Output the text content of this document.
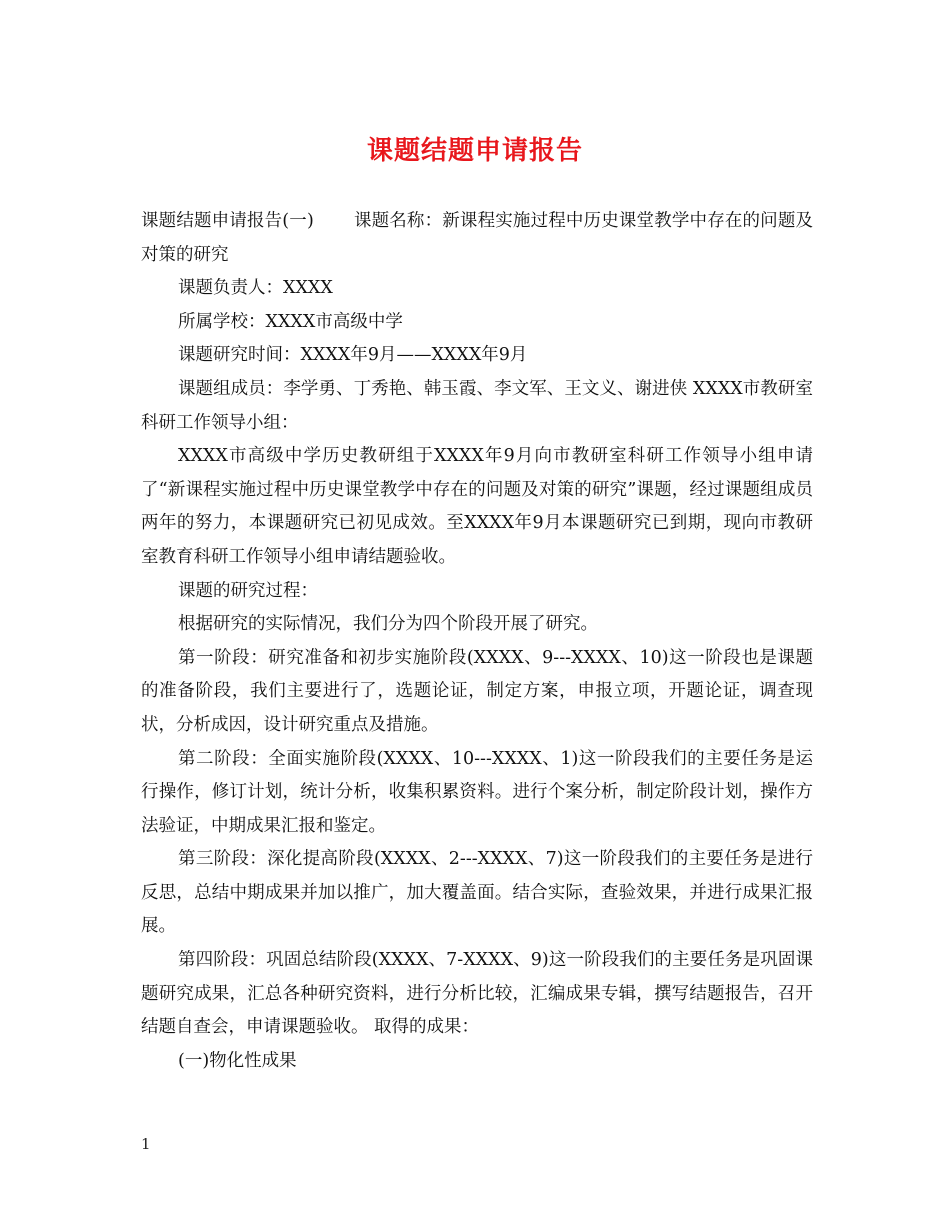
课题结题申请报告

课题结题申请报告(一) 课题名称：新课程实施过程中历史课堂教学中存在的问题及对策的研究

课题负责人：XXXX

所属学校：XXXX市高级中学

课题研究时间：XXXX年9月——XXXX年9月

课题组成员：李学勇、丁秀艳、韩玉霞、李文军、王文义、谢进侠 XXXX市教研室科研工作领导小组：

XXXX市高级中学历史教研组于XXXX年9月向市教研室科研工作领导小组申请了“新课程实施过程中历史课堂教学中存在的问题及对策的研究”课题，经过课题组成员两年的努力，本课题研究已初见成效。至XXXX年9月本课题研究已到期，现向市教研室教育科研工作领导小组申请结题验收。

课题的研究过程：

根据研究的实际情况，我们分为四个阶段开展了研究。

第一阶段：研究准备和初步实施阶段(XXXX、9---XXXX、10)这一阶段也是课题的准备阶段，我们主要进行了，选题论证，制定方案，申报立项，开题论证，调查现状，分析成因，设计研究重点及措施。

第二阶段：全面实施阶段(XXXX、10---XXXX、1)这一阶段我们的主要任务是运行操作，修订计划，统计分析，收集积累资料。进行个案分析，制定阶段计划，操作方法验证，中期成果汇报和鉴定。

第三阶段：深化提高阶段(XXXX、2---XXXX、7)这一阶段我们的主要任务是进行反思，总结中期成果并加以推广，加大覆盖面。结合实际，查验效果，并进行成果汇报展。

第四阶段：巩固总结阶段(XXXX、7-XXXX、9)这一阶段我们的主要任务是巩固课题研究成果，汇总各种研究资料，进行分析比较，汇编成果专辑，撰写结题报告，召开结题自查会，申请课题验收。 取得的成果：

(一)物化性成果

1
